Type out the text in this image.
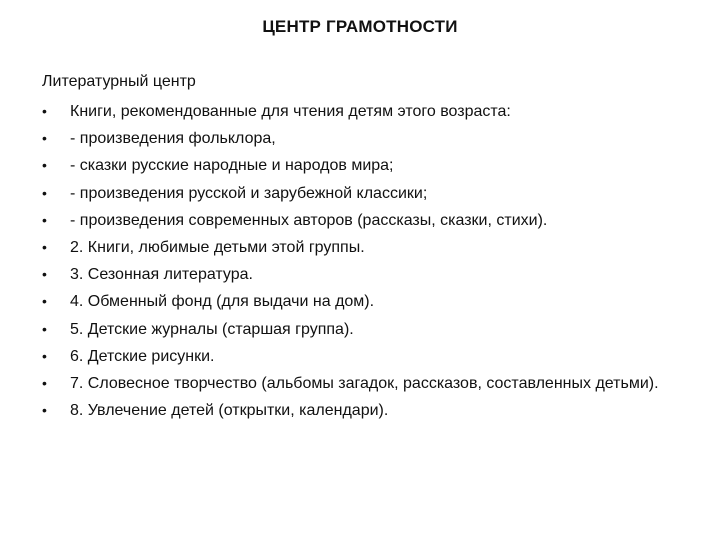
ЦЕНТР ГРАМОТНОСТИ
Литературный центр
•	Книги, рекомендованные для чтения детям этого возраста:
•	- произведения фольклора,
•	- сказки русские народные и народов мира;
•	- произведения русской и зарубежной классики;
•	- произведения современных авторов (рассказы, сказки, стихи).
•	2. Книги, любимые детьми этой группы.
•	3. Сезонная литература.
•	4. Обменный фонд (для выдачи на дом).
•	5. Детские журналы (старшая группа).
•	6. Детские рисунки.
•	7. Словесное творчество (альбомы загадок, рассказов, составленных детьми).
•	8. Увлечение детей (открытки, календари).
